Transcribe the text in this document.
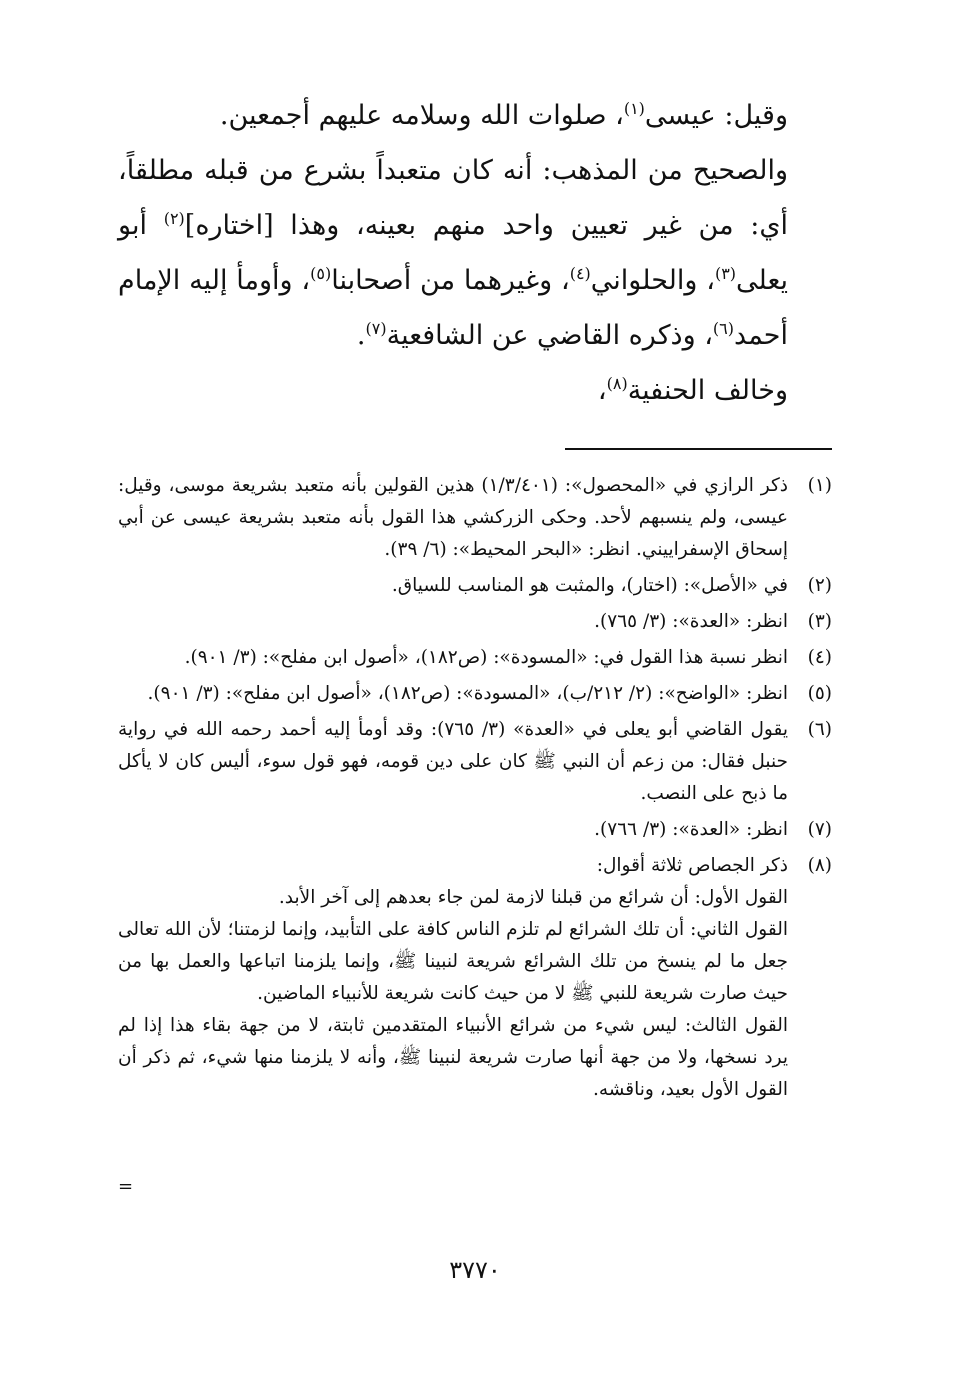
وقيل: عيسى$^{(١)}$، صلوات الله وسلامه عليهم أجمعين.

والصحيح من المذهب: أنه كان متعبداً بشرع من قبله مطلقاً، أي: من غير تعيين واحد منهم بعينه، وهذا [اختاره]$^{(٢)}$ أبو يعلى$^{(٣)}$، والحلواني$^{(٤)}$، وغيرهما من أصحابنا$^{(٥)}$، وأومأ إليه الإمام أحمد$^{(٦)}$، وذكره القاضي عن الشافعية$^{(٧)}$.

وخالف الحنفية$^{(٨)}$،

(١)

ذكر الرازي في «المحصول»: (١/٣/٤٠١) هذين القولين بأنه متعبد بشريعة موسى، وقيل: عيسى، ولم ينسبهم لأحد. وحكى الزركشي هذا القول بأنه متعبد بشريعة عيسى عن أبي إسحاق الإسفراييني. انظر: «البحر المحيط»: (٦/ ٣٩).

(٢)

في «الأصل»: (اختار)، والمثبت هو المناسب للسياق.

(٣)

انظر: «العدة»: (٣/ ٧٦٥).

(٤)

انظر نسبة هذا القول في: «المسودة»: (ص١٨٢)، «أصول ابن مفلح»: (٣/ ٩٠١).

(٥)

انظر: «الواضح»: (٢/ ٢١٢/ب)، «المسودة»: (ص١٨٢)، «أصول ابن مفلح»: (٣/ ٩٠١).

(٦)

يقول القاضي أبو يعلى في «العدة» (٣/ ٧٦٥): وقد أومأ إليه أحمد رحمه الله في رواية حنبل فقال: من زعم أن النبي ﷺ كان على دين قومه، فهو قول سوء، أليس كان لا يأكل ما ذبح على النصب.

(٧)

انظر: «العدة»: (٣/ ٧٦٦).

(٨)

ذكر الجصاص ثلاثة أقوال:

القول الأول: أن شرائع من قبلنا لازمة لمن جاء بعدهم إلى آخر الأبد.

القول الثاني: أن تلك الشرائع لم تلزم الناس كافة على التأبيد، وإنما لزمتنا؛ لأن الله تعالى جعل ما لم ينسخ من تلك الشرائع شريعة لنبينا ﷺ، وإنما يلزمنا اتباعها والعمل بها من حيث صارت شريعة للنبي ﷺ لا من حيث كانت شريعة للأنبياء الماضين.

القول الثالث: ليس شيء من شرائع الأنبياء المتقدمين ثابتة، لا من جهة بقاء هذا إذا لم يرد نسخها، ولا من جهة أنها صارت شريعة لنبينا ﷺ، وأنه لا يلزمنا منها شيء، ثم ذكر أن القول الأول بعيد، وناقشه.

=
٣٧٧٠
